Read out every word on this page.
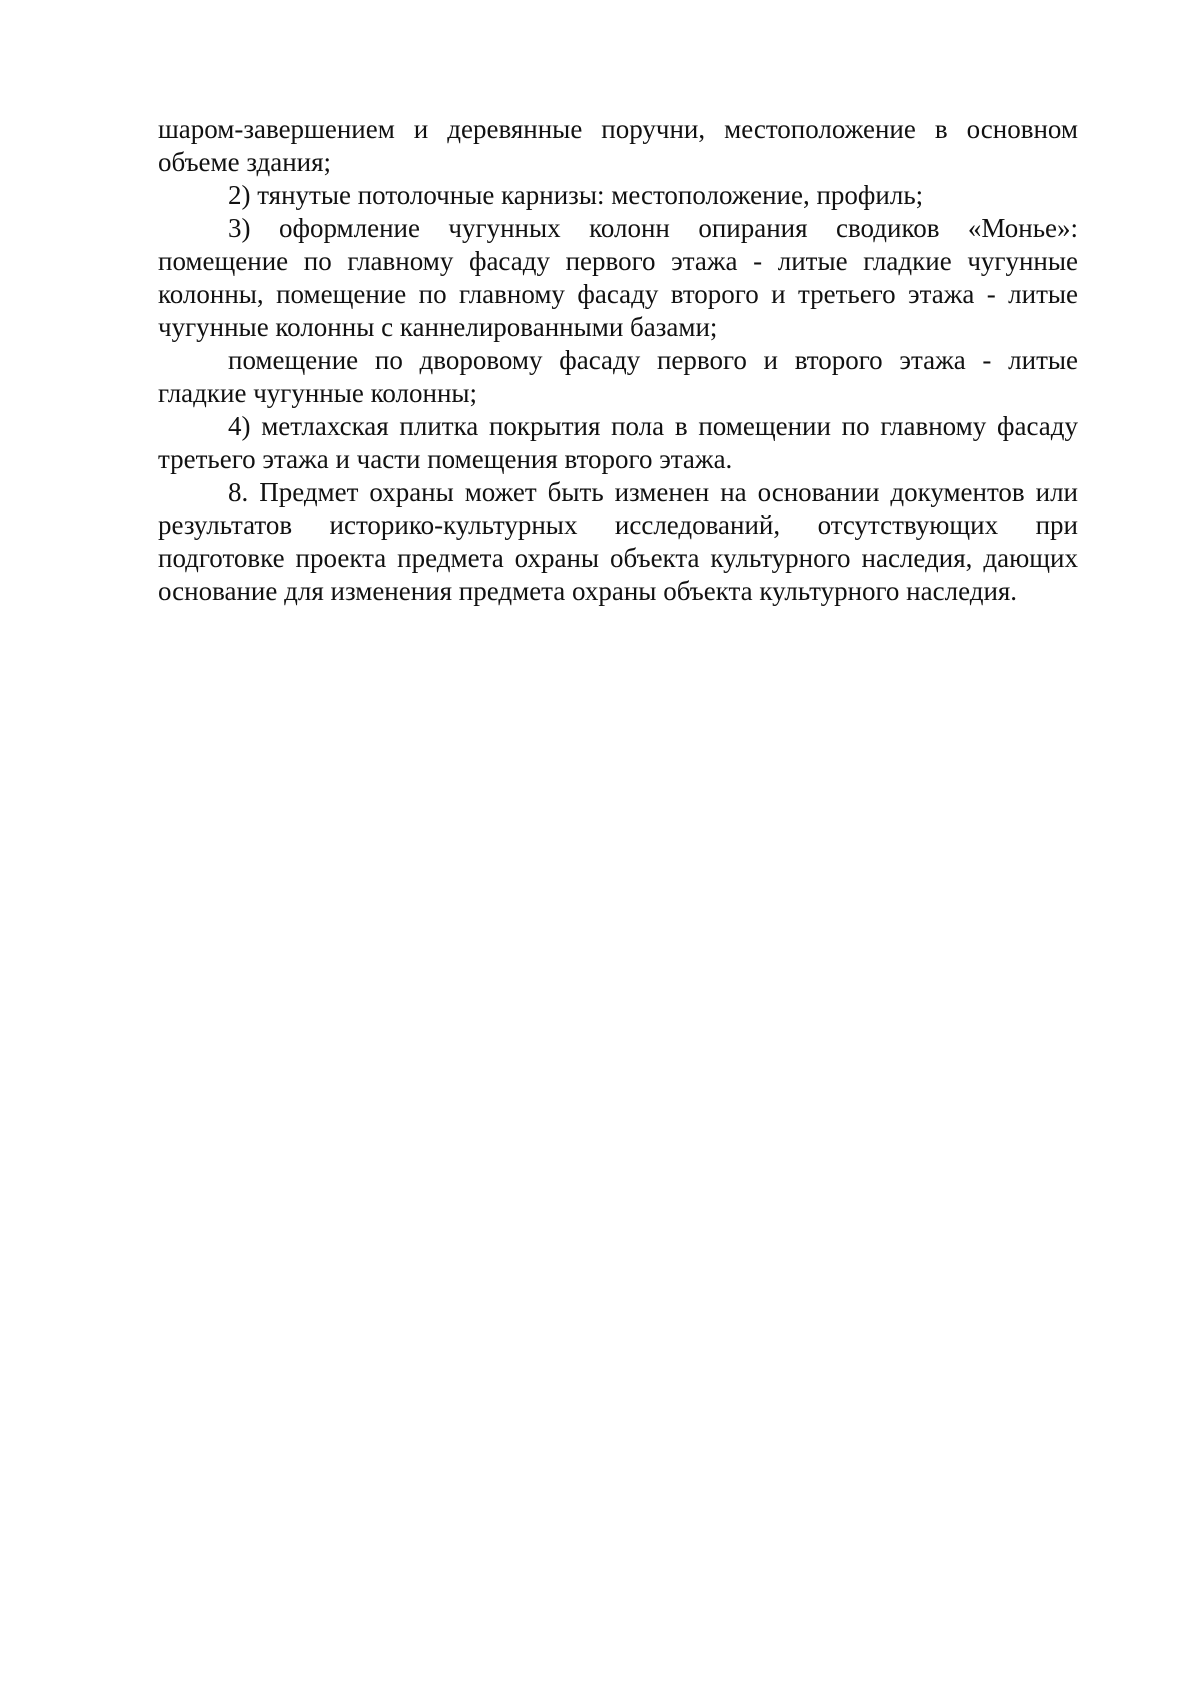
шаром-завершением и деревянные поручни, местоположение в основном объеме здания;

2) тянутые потолочные карнизы: местоположение, профиль;

3) оформление чугунных колонн опирания сводиков «Монье»: помещение по главному фасаду первого этажа - литые гладкие чугунные колонны, помещение по главному фасаду второго и третьего этажа - литые чугунные колонны с каннелированными базами;

помещение по дворовому фасаду первого и второго этажа - литые гладкие чугунные колонны;

4) метлахская плитка покрытия пола в помещении по главному фасаду третьего этажа и части помещения второго этажа.

8. Предмет охраны может быть изменен на основании документов или результатов историко-культурных исследований, отсутствующих при подготовке проекта предмета охраны объекта культурного наследия, дающих основание для изменения предмета охраны объекта культурного наследия.
